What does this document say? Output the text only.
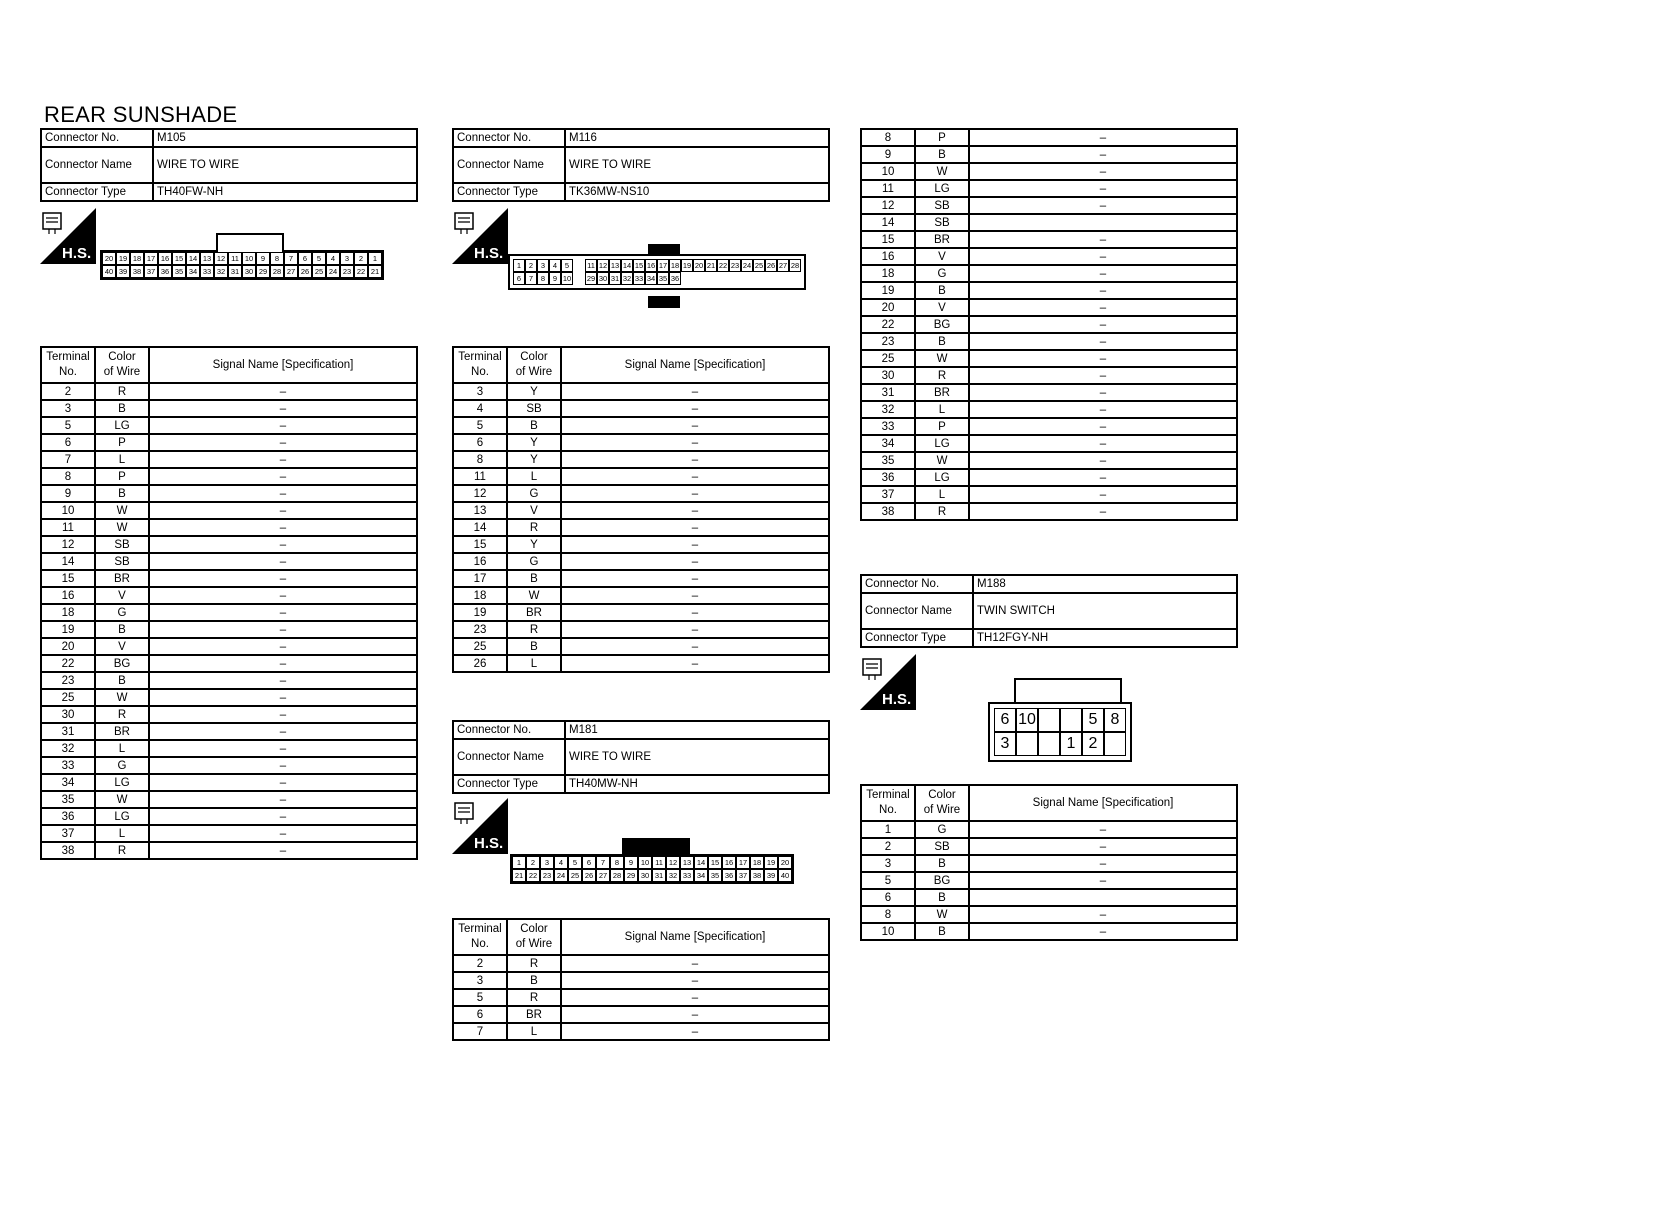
REAR SUNSHADE
Connector No.	M105
Connector Name	WIRE TO WIRE
Connector Type	TH40FW-NH
H.S.	20 19 18 17 16 15 14 13 12 11 10	9	8	7	6	5	4	3	2	1
40 39 38 37 36 35 34 33 32 31 30 29 28 27 26 25 24 23 22 21
Terminal
No.	Color
of Wire	Signal Name [Specification]
2	R	–
3	B	–
5	LG	–
6	P	–
7	L	–
8	P	–
9	B	–
10	W	–
11	W	–
12	SB	–
14	SB	–
15	BR	–
16	V	–
18	G	–
19	B	–
20	V	–
22	BG	–
23	B	–
25	W	–
30	R	–
31	BR	–
32	L	–
33	G	–
34	LG	–
35	W	–
36	LG	–
37	L	–
38	R	–
Connector No.	M116
Connector Name	WIRE TO WIRE
Connector Type	TK36MW-NS10
H.S.
1	2	3	4	5	11 12 13 14 15 16 17 18 19 20 21 22 23 24 25 26 27 28
6	7	8	9 10 29 30 31 32 33 34 35 36
Terminal
No.	Color
of Wire	Signal Name [Specification]
3	Y	–
4	SB	–
5	B	–
6	Y	–
8	Y	–
11	L	–
12	G	–
13	V	–
14	R	–
15	Y	–
16	G	–
17	B	–
18	W	–
19	BR	–
23	R	–
25	B	–
26	L	–
Connector No.	M181
Connector Name	WIRE TO WIRE
Connector Type	TH40MW-NH
H.S.
1	2	3	4	5	6	7	8	9	10 11 12 13 14 15 16 17 18 19 20
21 22 23 24 25 26 27 28 29 30 31 32 33 34 35 36 37 38 39 40
Terminal
No.	Color
of Wire	Signal Name [Specification]
2	R	–
3	B	–
5	R	–
6	BR	–
7	L	–
8	P	–
9	B	–
10	W	–
11	LG	–
12	SB	–
14	SB	
15	BR	–
16	V	–
18	G	–
19	B	–
20	V	–
22	BG	–
23	B	–
25	W	–
30	R	–
31	BR	–
32	L	–
33	P	–
34	LG	–
35	W	–
36	LG	–
37	L	–
38	R	–
Connector No.	M188
Connector Name	TWIN SWITCH
Connector Type	TH12FGY-NH
H.S.
6 10	5 8
3	1 2
Terminal
No.	Color
of Wire	Signal Name [Specification]
1	G	–
2	SB	–
3	B	–
5	BG	–
6	B	
8	W	–
10	B	–
